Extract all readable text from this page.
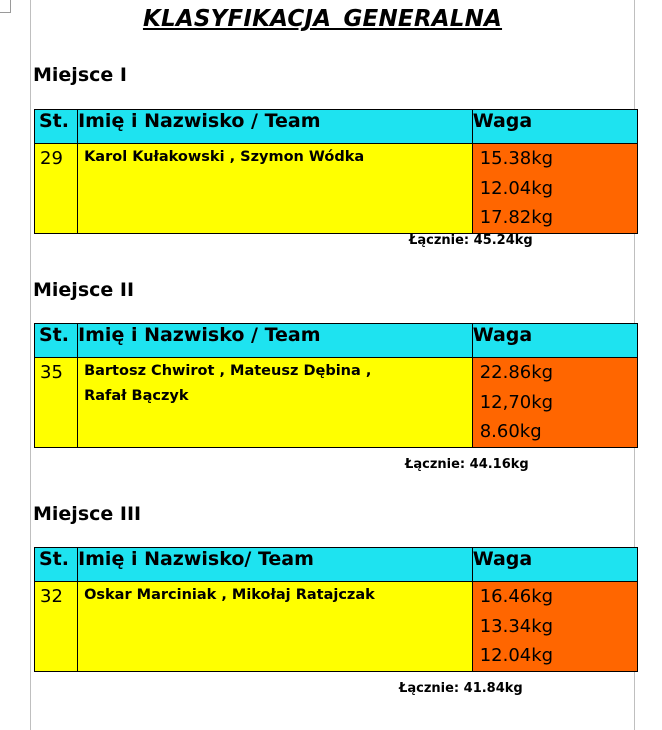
KLASYFIKACJA GENERALNA
Miejsce I
St.	Imię i Nazwisko / Team	Waga
29	Karol Kułakowski , Szymon Wódka	15.38kg
12.04kg
17.82kg
Łącznie: 45.24kg
Miejsce II
St.	Imię i Nazwisko / Team	Waga
35	Bartosz Chwirot , Mateusz Dębina ,
Rafał Bączyk	22.86kg
12,70kg
8.60kg
Łącznie: 44.16kg
Miejsce III
St.	Imię i Nazwisko/ Team	Waga
32	Oskar Marciniak , Mikołaj Ratajczak	16.46kg
13.34kg
12.04kg
Łącznie: 41.84kg
